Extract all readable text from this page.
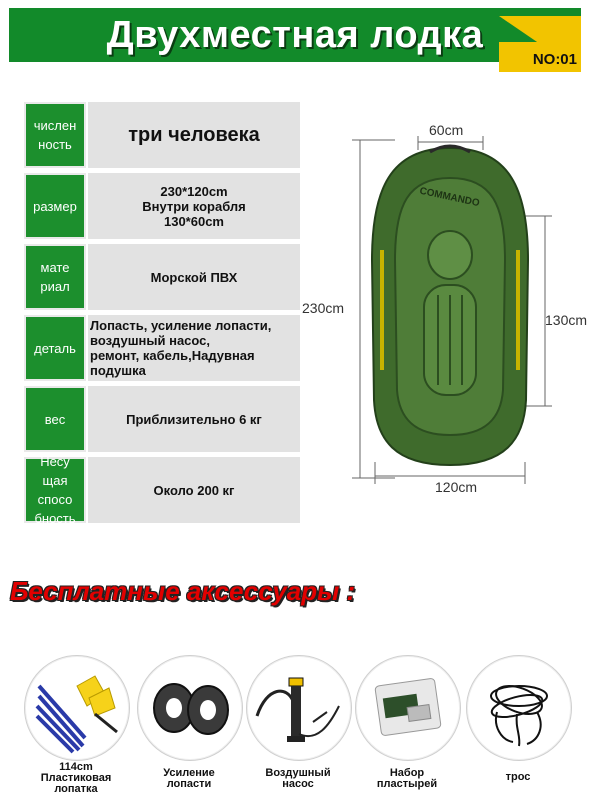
Двухместная лодка
NO:01
числен
ность	три человека
размер
230*120cm
Внутри корабля
130*60cm
мате
риал
Морской ПВХ
деталь
Лопасть, усиление лопасти,
воздушный насос,
ремонт, кабель,Надувная
подушка
вес	Приблизительно 6 кг
Несу
щая
спосо
бность
Около 200 кг
COMMANDO
60cm
230cm
130cm
120cm
Бесплатные аксессуары :
114cm
Пластиковая
лопатка
Усиление
лопасти
Воздушный
насос
Набор
пластырей
трос
